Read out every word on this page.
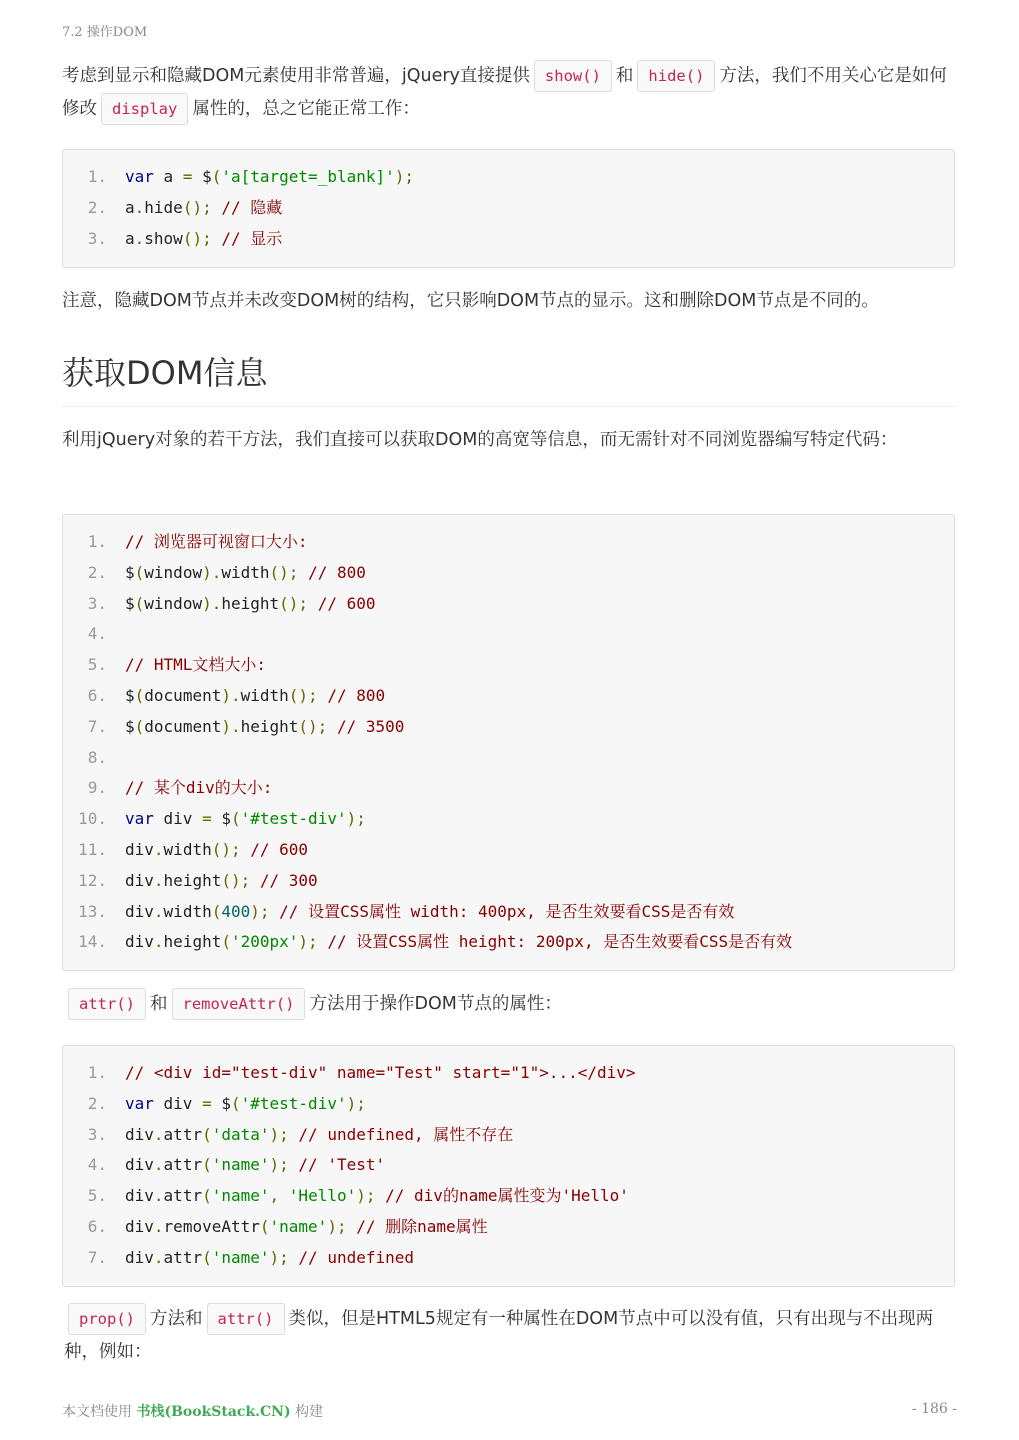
7.2 操作DOM
考虑到显示和隐藏DOM元素使用非常普遍，jQuery直接提供 show() 和 hide() 方法，我们不用关心它是如何修改 display 属性的，总之它能正常工作：
1. var a = $('a[target=_blank]');
2. a.hide(); // 隐藏
3. a.show(); // 显示
注意，隐藏DOM节点并未改变DOM树的结构，它只影响DOM节点的显示。这和删除DOM节点是不同的。
获取DOM信息
利用jQuery对象的若干方法，我们直接可以获取DOM的高宽等信息，而无需针对不同浏览器编写特定代码：
1. // 浏览器可视窗口大小:
2. $(window).width(); // 800
3. $(window).height(); // 600
4.
5. // HTML文档大小:
6. $(document).width(); // 800
7. $(document).height(); // 3500
8.
9. // 某个div的大小:
10. var div = $('#test-div');
11. div.width(); // 600
12. div.height(); // 300
13. div.width(400); // 设置CSS属性 width: 400px, 是否生效要看CSS是否有效
14. div.height('200px'); // 设置CSS属性 height: 200px, 是否生效要看CSS是否有效
attr() 和 removeAttr() 方法用于操作DOM节点的属性：
1. // <div id="test-div" name="Test" start="1">...</div>
2. var div = $('#test-div');
3. div.attr('data'); // undefined, 属性不存在
4. div.attr('name'); // 'Test'
5. div.attr('name', 'Hello'); // div的name属性变为'Hello'
6. div.removeAttr('name'); // 删除name属性
7. div.attr('name'); // undefined
prop() 方法和 attr() 类似，但是HTML5规定有一种属性在DOM节点中可以没有值，只有出现与不出现两种，例如：
本文档使用 书栈(BookStack.CN) 构建	- 186 -
